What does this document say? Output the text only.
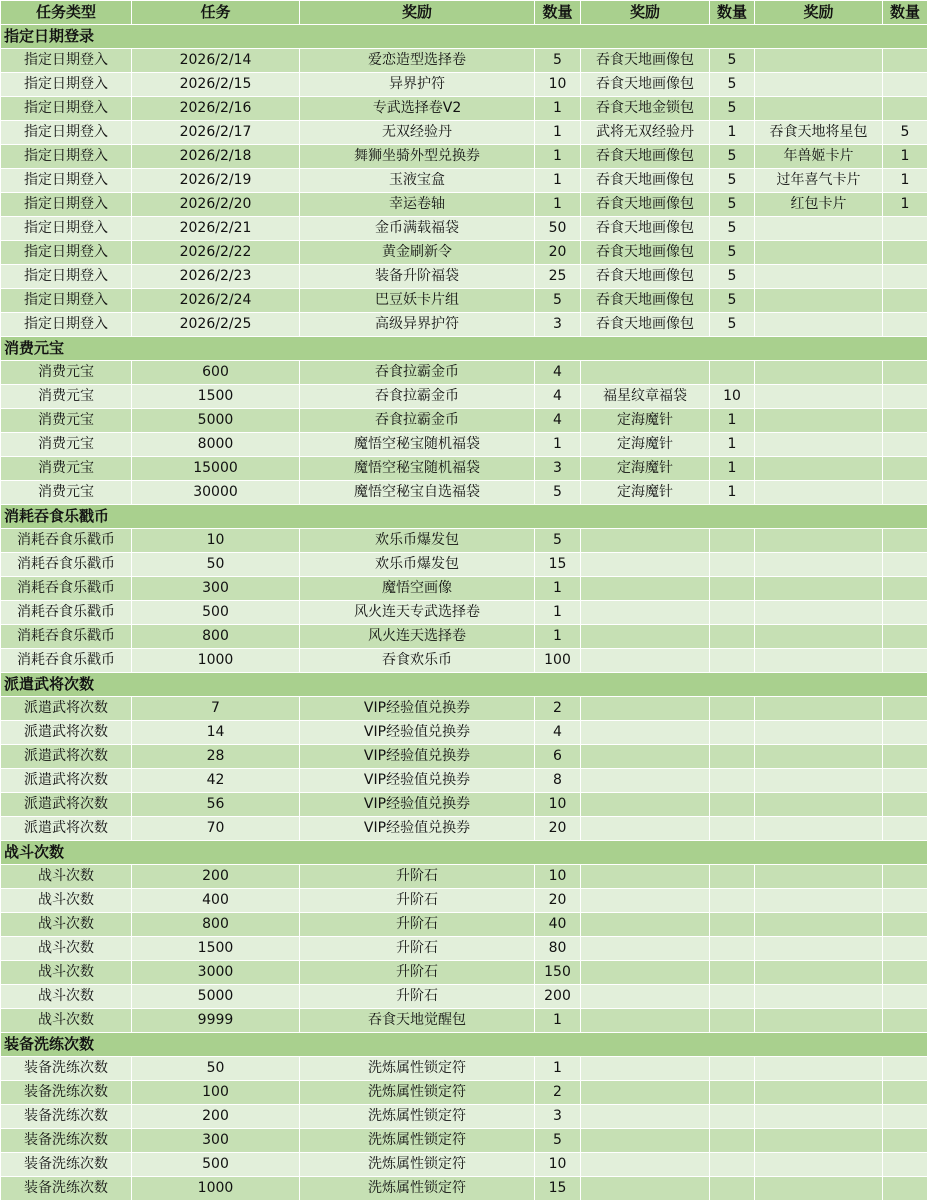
任务类型	任务	奖励	数量	奖励	数量	奖励	数量
指定日期登录							
指定日期登入	2026/2/14	爱恋造型选择卷	5	吞食天地画像包	5		
指定日期登入	2026/2/15	异界护符	10	吞食天地画像包	5		
指定日期登入	2026/2/16	专武选择卷V2	1	吞食天地金锁包	5		
指定日期登入	2026/2/17	无双经验丹	1	武将无双经验丹	1	吞食天地将星包	5
指定日期登入	2026/2/18	舞狮坐骑外型兑换券	1	吞食天地画像包	5	年兽姬卡片	1
指定日期登入	2026/2/19	玉液宝盒	1	吞食天地画像包	5	过年喜气卡片	1
指定日期登入	2026/2/20	幸运卷轴	1	吞食天地画像包	5	红包卡片	1
指定日期登入	2026/2/21	金币满载福袋	50	吞食天地画像包	5		
指定日期登入	2026/2/22	黄金刷新令	20	吞食天地画像包	5		
指定日期登入	2026/2/23	装备升阶福袋	25	吞食天地画像包	5		
指定日期登入	2026/2/24	巴豆妖卡片组	5	吞食天地画像包	5		
指定日期登入	2026/2/25	高级异界护符	3	吞食天地画像包	5		
消费元宝							
消费元宝	600	吞食拉霸金币	4				
消费元宝	1500	吞食拉霸金币	4	福星纹章福袋	10		
消费元宝	5000	吞食拉霸金币	4	定海魔针	1		
消费元宝	8000	魔悟空秘宝随机福袋	1	定海魔针	1		
消费元宝	15000	魔悟空秘宝随机福袋	3	定海魔针	1		
消费元宝	30000	魔悟空秘宝自选福袋	5	定海魔针	1		
消耗吞食乐戳币							
消耗吞食乐戳币	10	欢乐币爆发包	5				
消耗吞食乐戳币	50	欢乐币爆发包	15				
消耗吞食乐戳币	300	魔悟空画像	1				
消耗吞食乐戳币	500	风火连天专武选择卷	1				
消耗吞食乐戳币	800	风火连天选择卷	1				
消耗吞食乐戳币	1000	吞食欢乐币	100				
派遣武将次数							
派遣武将次数	7	VIP经验值兑换券	2				
派遣武将次数	14	VIP经验值兑换券	4				
派遣武将次数	28	VIP经验值兑换券	6				
派遣武将次数	42	VIP经验值兑换券	8				
派遣武将次数	56	VIP经验值兑换券	10				
派遣武将次数	70	VIP经验值兑换券	20				
战斗次数							
战斗次数	200	升阶石	10				
战斗次数	400	升阶石	20				
战斗次数	800	升阶石	40				
战斗次数	1500	升阶石	80				
战斗次数	3000	升阶石	150				
战斗次数	5000	升阶石	200				
战斗次数	9999	吞食天地觉醒包	1				
装备洗练次数							
装备洗练次数	50	洗炼属性锁定符	1				
装备洗练次数	100	洗炼属性锁定符	2				
装备洗练次数	200	洗炼属性锁定符	3				
装备洗练次数	300	洗炼属性锁定符	5				
装备洗练次数	500	洗炼属性锁定符	10				
装备洗练次数	1000	洗炼属性锁定符	15				
